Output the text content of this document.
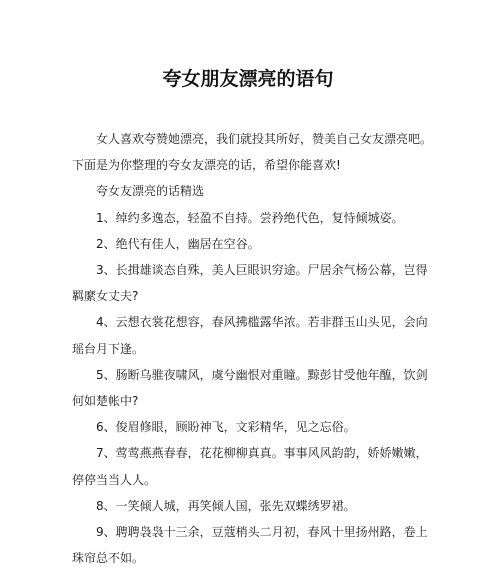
夸女朋友漂亮的语句
女人喜欢夸赞她漂亮，我们就投其所好，赞美自己女友漂亮吧。
下面是为你整理的夸女友漂亮的话，希望你能喜欢!
夸女友漂亮的话精选
1、绰约多逸态，轻盈不自持。尝矜绝代色，复恃倾城姿。
2、绝代有佳人，幽居在空谷。
3、长揖雄谈态自殊，美人巨眼识穷途。尸居余气杨公幕，岂得
羁縻女丈夫?
4、云想衣裳花想容，春风拂槛露华浓。若非群玉山头见，会向
瑶台月下逢。
5、肠断乌骓夜啸风，虞兮幽恨对重瞳。黥彭甘受他年醢，饮剑
何如楚帐中?
6、俊眉修眼，顾盼神飞，文彩精华，见之忘俗。
7、莺莺燕燕春春，花花柳柳真真。事事风风韵韵，娇娇嫩嫩，
停停当当人人。
8、一笑倾人城，再笑倾人国，张先双蝶绣罗裙。
9、聘聘袅袅十三余，豆蔻梢头二月初，春风十里扬州路，卷上
珠帘总不如。
